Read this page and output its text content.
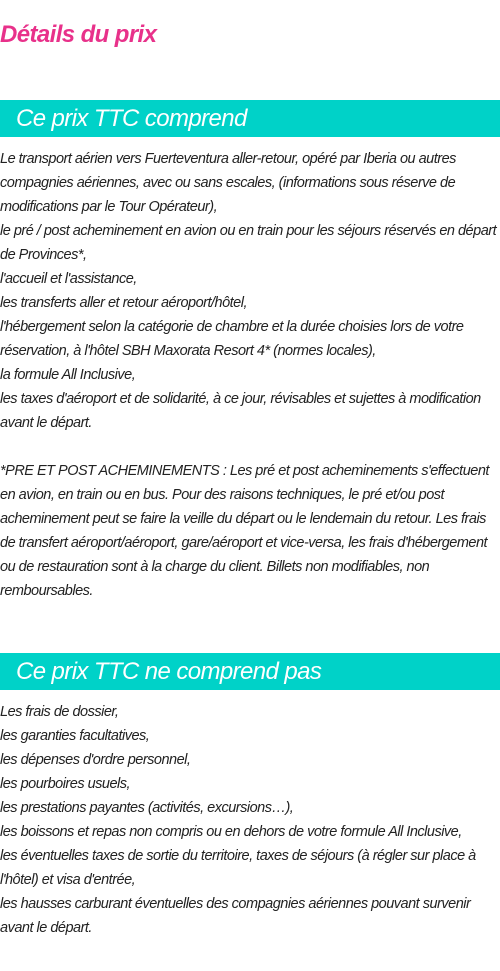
Détails du prix
Ce prix TTC comprend
Le transport aérien vers Fuerteventura aller-retour, opéré par Iberia ou autres compagnies aériennes, avec ou sans escales, (informations sous réserve de modifications par le Tour Opérateur),
le pré / post acheminement en avion ou en train pour les séjours réservés en départ de Provinces*,
l'accueil et l'assistance,
les transferts aller et retour aéroport/hôtel,
l'hébergement selon la catégorie de chambre et la durée choisies lors de votre réservation, à l'hôtel SBH Maxorata Resort 4* (normes locales),
la formule All Inclusive,
les taxes d'aéroport et de solidarité, à ce jour, révisables et sujettes à modification avant le départ.
*PRE ET POST ACHEMINEMENTS : Les pré et post acheminements s'effectuent en avion, en train ou en bus. Pour des raisons techniques, le pré et/ou post acheminement peut se faire la veille du départ ou le lendemain du retour. Les frais de transfert aéroport/aéroport, gare/aéroport et vice-versa, les frais d'hébergement ou de restauration sont à la charge du client. Billets non modifiables, non remboursables.
Ce prix TTC ne comprend pas
Les frais de dossier,
les garanties facultatives,
les dépenses d'ordre personnel,
les pourboires usuels,
les prestations payantes (activités, excursions…),
les boissons et repas non compris ou en dehors de votre formule All Inclusive,
les éventuelles taxes de sortie du territoire, taxes de séjours (à régler sur place à l'hôtel) et visa d'entrée,
les hausses carburant éventuelles des compagnies aériennes pouvant survenir avant le départ.
